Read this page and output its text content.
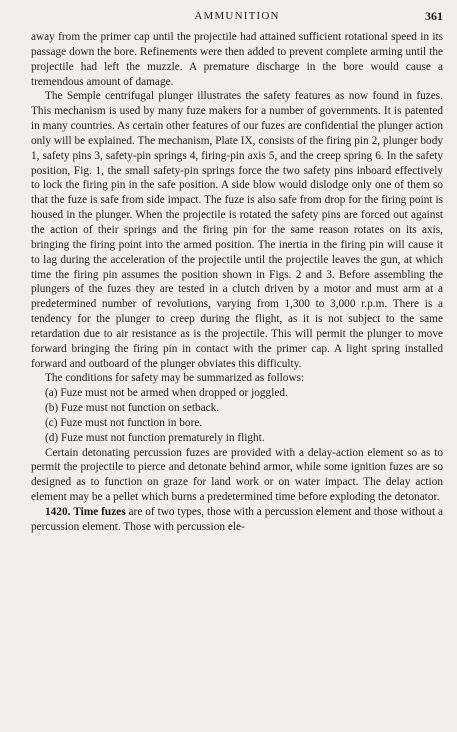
AMMUNITION	361

away from the primer cap until the projectile had attained sufficient rotational speed in its passage down the bore. Refinements were then added to prevent complete arming until the projectile had left the muzzle. A premature discharge in the bore would cause a tremendous amount of damage.

The Semple centrifugal plunger illustrates the safety features as now found in fuzes. This mechanism is used by many fuze makers for a number of governments. It is patented in many countries. As certain other features of our fuzes are confidential the plunger action only will be explained. The mechanism, Plate IX, consists of the firing pin 2, plunger body 1, safety pins 3, safety-pin springs 4, firing-pin axis 5, and the creep spring 6. In the safety position, Fig. 1, the small safety-pin springs force the two safety pins inboard effectively to lock the firing pin in the safe position. A side blow would dislodge only one of them so that the fuze is safe from side impact. The fuze is also safe from drop for the firing point is housed in the plunger. When the projectile is rotated the safety pins are forced out against the action of their springs and the firing pin for the same reason rotates on its axis, bringing the firing point into the armed position. The inertia in the firing pin will cause it to lag during the acceleration of the projectile until the projectile leaves the gun, at which time the firing pin assumes the position shown in Figs. 2 and 3. Before assembling the plungers of the fuzes they are tested in a clutch driven by a motor and must arm at a predetermined number of revolutions, varying from 1,300 to 3,000 r.p.m. There is a tendency for the plunger to creep during the flight, as it is not subject to the same retardation due to air resistance as is the projectile. This will permit the plunger to move forward bringing the firing pin in contact with the primer cap. A light spring installed forward and outboard of the plunger obviates this difficulty.

The conditions for safety may be summarized as follows:

(a) Fuze must not be armed when dropped or joggled.
(b) Fuze must not function on setback.
(c) Fuze must not function in bore.
(d) Fuze must not function prematurely in flight.

Certain detonating percussion fuzes are provided with a delay-action element so as to permit the projectile to pierce and detonate behind armor, while some ignition fuzes are so designed as to function on graze for land work or on water impact. The delay action element may be a pellet which burns a predetermined time before exploding the detonator.

1420. Time fuzes are of two types, those with a percussion element and those without a percussion element. Those with percussion ele-
